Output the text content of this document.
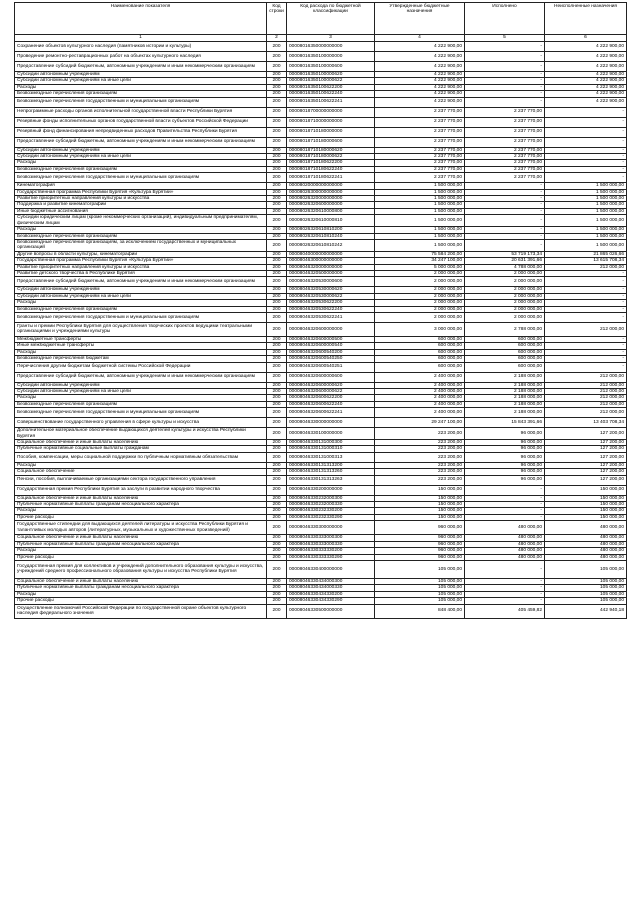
Наименование показателя	Код строки	Код расхода по бюджетной классификации	Утвержденные бюджетные назначения	Исполнено	Неисполненные назначения
1	2	3	4	5	6
Сохранение объектов культурного наследия (памятников истории и культуры)	200	00008016350000000000	4 222 900,00	-	4 222 900,00
Проведение ремонтно-реставрационных работ на объектах культурного наследия	200	00008016350100000000	4 222 900,00	-	4 222 900,00
Предоставление субсидий бюджетным, автономным учреждениям и иным некоммерческим организациям	200	00008016350100000600	4 222 900,00	-	4 222 900,00
Субсидии автономным учреждениям	200	00008016350100000620	4 222 900,00	-	4 222 900,00
Субсидии автономным учреждениям на иные цели	200	00008016350100000622	4 222 900,00	-	4 222 900,00
Расходы	200	00008016350100622200	4 222 900,00	-	4 222 900,00
Безвозмездные перечисления организациям	200	00008016350100622240	4 222 900,00	-	4 222 900,00
Безвозмездные перечисления государственным и муниципальным организациям	200	00008016350100622241	4 222 900,00	-	4 222 900,00
Непрограммные расходы органов исполнительной государственной власти Республики Бурятия	200	00008018700000000000	2 237 770,00	2 237 770,00	-
Резервные фонды исполнительных органов государственной власти субъектов Российской Федерации	200	00008018710000000000	2 237 770,00	2 237 770,00	-
Резервный фонд финансирования непредвиденных расходов Правительства Республики Бурятия	200	00008018710180000000	2 237 770,00	2 237 770,00	-
Предоставление субсидий бюджетным, автономным учреждениям и иным некоммерческим организациям	200	00008018710180000600	2 237 770,00	2 237 770,00	-
Субсидии автономным учреждениям	200	00008018710180000620	2 237 770,00	2 237 770,00	-
Субсидии автономным учреждениям на иные цели	200	00008018710180000622	2 237 770,00	2 237 770,00	-
Расходы	200	00008018710180622200	2 237 770,00	2 237 770,00	-
Безвозмездные перечисления организациям	200	00008018710180622240	2 237 770,00	2 237 770,00	-
Безвозмездные перечисления государственным и муниципальным организациям	200	00008018710180622241	2 237 770,00	2 237 770,00	-
Кинематография	200	00008020000000000000	1 500 000,00	-	1 500 000,00
Государственная программа Республики Бурятия «Культура Бурятии»	200	00008026300000000000	1 500 000,00	-	1 500 000,00
Развитие приоритетных направлений культуры и искусства	200	00008026320000000000	1 500 000,00	-	1 500 000,00
Поддержка и развитие кинематографии	200	00008026320600000000	1 500 000,00	-	1 500 000,00
Иные бюджетные ассигнования	200	00008026320610000800	1 500 000,00	-	1 500 000,00
Субсидии юридическим лицам (кроме некоммерческих организаций), индивидуальным предпринимателям, физическим лицам	200	00008026320610000810	1 500 000,00	-	1 500 000,00
Расходы	200	00008026320610810200	1 500 000,00	-	1 500 000,00
Безвозмездные перечисления организациям	200	00008026320610810240	1 500 000,00	-	1 500 000,00
Безвозмездные перечисления организациям, за исключением государственных и муниципальных организаций	200	00008026320610810242	1 500 000,00	-	1 500 000,00
Другие вопросы в области культуры, кинематографии	200	00008040000000000000	75 584 200,00	53 719 173,34	21 865 026,66
Государственная программа Республики Бурятия «Культура Бурятии»	200	00008046300000000000	34 247 100,00	20 631 391,66	13 615 708,34
Развитие приоритетных направлений культуры и искусства	200	00008046320000000000	5 000 000,00	4 788 000,00	212 000,00
Развитие детского творчества в Республике Бурятия	200	00008046320500000000	2 000 000,00	2 000 000,00	-
Предоставление субсидий бюджетным, автономным учреждениям и иным некоммерческим организациям	200	00008046320530000600	2 000 000,00	2 000 000,00	-
Субсидии автономным учреждениям	200	00008046320530000620	2 000 000,00	2 000 000,00	-
Субсидии автономным учреждениям на иные цели	200	00008046320530000622	2 000 000,00	2 000 000,00	-
Расходы	200	00008046320530622200	2 000 000,00	2 000 000,00	-
Безвозмездные перечисления организациям	200	00008046320530622240	2 000 000,00	2 000 000,00	-
Безвозмездные перечисления государственным и муниципальным организациям	200	00008046320530622241	2 000 000,00	2 000 000,00	-
Гранты и премии Республики Бурятия для осуществления творческих проектов ведущими театральными организациями и учреждениями культуры	200	00008046320600000000	3 000 000,00	2 788 000,00	212 000,00
Межбюджетные трансферты	200	00008046320600000500	600 000,00	600 000,00	-
Иные межбюджетные трансферты	200	00008046320600000540	600 000,00	600 000,00	-
Расходы	200	00008046320600540200	600 000,00	600 000,00	-
Безвозмездные перечисления бюджетам	200	00008046320600540250	600 000,00	600 000,00	-
Перечисления другим бюджетам бюджетной системы Российской Федерации	200	00008046320600540251	600 000,00	600 000,00	-
Предоставление субсидий бюджетным, автономным учреждениям и иным некоммерческим организациям	200	00008046320600000600	2 400 000,00	2 188 000,00	212 000,00
Субсидии автономным учреждениям	200	00008046320600000620	2 400 000,00	2 188 000,00	212 000,00
Субсидии автономным учреждениям на иные цели	200	00008046320600000622	2 400 000,00	2 188 000,00	212 000,00
Расходы	200	00008046320600622200	2 400 000,00	2 188 000,00	212 000,00
Безвозмездные перечисления организациям	200	00008046320600622240	2 400 000,00	2 188 000,00	212 000,00
Безвозмездные перечисления государственным и муниципальным организациям	200	00008046320600622241	2 400 000,00	2 188 000,00	212 000,00
Совершенствование государственного управления в сфере культуры и искусства	200	00008046330000000000	29 247 100,00	15 843 391,66	13 403 708,34
Дополнительное материальное обеспечение выдающихся деятелей культуры и искусства Республики Бурятия	200	00008046330100000000	223 200,00	96 000,00	127 200,00
Социальное обеспечение и иные выплаты населению	200	00008046330131000300	223 200,00	96 000,00	127 200,00
Публичные нормативные социальные выплаты гражданам	200	00008046330131000310	223 200,00	96 000,00	127 200,00
Пособия, компенсации, меры социальной поддержки по публичным нормативным обязательствам	200	00008046330131000313	223 200,00	96 000,00	127 200,00
Расходы	200	00008046330131313200	223 200,00	96 000,00	127 200,00
Социальное обеспечение	200	00008046330131313260	223 200,00	96 000,00	127 200,00
Пенсии, пособия, выплачиваемые организациями сектора государственного управления	200	00008046330131313263	223 200,00	96 000,00	127 200,00
Государственная премия Республики Бурятия за заслуги в развитии народного творчества	200	00008046330200000000	150 000,00	-	150 000,00
Социальное обеспечение и иные выплаты населению	200	00008046330232000300	150 000,00	-	150 000,00
Публичные нормативные выплаты гражданам несоциального характера	200	00008046330232000330	150 000,00	-	150 000,00
Расходы	200	00008046330232330200	150 000,00	-	150 000,00
Прочие расходы	200	00008046330232330290	150 000,00	-	150 000,00
Государственные стипендии для выдающихся деятелей литературы и искусства Республики Бурятия и талантливых молодых авторов (литературных, музыкальных и художественных произведений)	200	00008046330300000000	960 000,00	480 000,00	480 000,00
Социальное обеспечение и иные выплаты населению	200	00008046330333000300	960 000,00	480 000,00	480 000,00
Публичные нормативные выплаты гражданам несоциального характера	200	00008046330333000330	960 000,00	480 000,00	480 000,00
Расходы	200	00008046330333330200	960 000,00	480 000,00	480 000,00
Прочие расходы	200	00008046330333330290	960 000,00	480 000,00	480 000,00
Государственная премия для коллективов и учреждений дополнительного образования культуры и искусства, учреждений среднего профессионального образования культуры и искусства Республики Бурятия	200	00008046330400000000	105 000,00	-	105 000,00
Социальное обеспечение и иные выплаты населению	200	00008046330434000300	105 000,00	-	105 000,00
Публичные нормативные выплаты гражданам несоциального характера	200	00008046330434000330	105 000,00	-	105 000,00
Расходы	200	00008046330434330200	105 000,00	-	105 000,00
Прочие расходы	200	00008046330434330290	105 000,00	-	105 000,00
Осуществление полномочий Российской Федерации по государственной охране объектов культурного наследия федерального значения	200	00008046330500000000	848 400,00	405 459,82	442 940,18
